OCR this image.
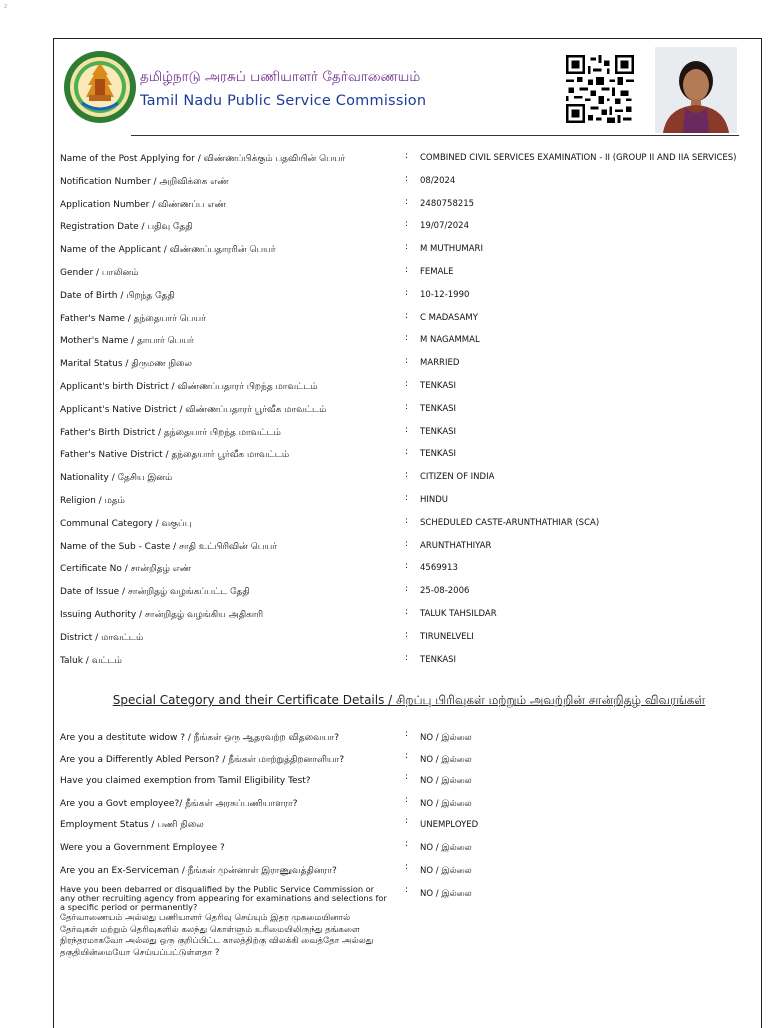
2
தமிழ்நாடு அரசுப் பணியாளர் தேர்வாணையம்
Tamil Nadu Public Service Commission
Name of the Post Applying for / விண்ணப்பிக்கும் பதவியின் பெயர்	: COMBINED CIVIL SERVICES EXAMINATION - II (GROUP II AND IIA SERVICES)
Notification Number / அறிவிக்கை எண்	: 08/2024
Application Number / விண்ணப்ப எண்	: 2480758215
Registration Date / பதிவு தேதி	: 19/07/2024
Name of the Applicant / விண்ணப்பதாரரின் பெயர்	: M MUTHUMARI
Gender / பாலினம்	: FEMALE
Date of Birth / பிறந்த தேதி	: 10-12-1990
Father's Name / தந்தையார் பெயர்	: C MADASAMY
Mother's Name / தாயார் பெயர்	: M NAGAMMAL
Marital Status / திருமண நிலை	: MARRIED
Applicant's birth District / விண்ணப்பதாரர் பிறந்த மாவட்டம்	: TENKASI
Applicant's Native District / விண்ணப்பதாரர் பூர்வீக மாவட்டம்	: TENKASI
Father's Birth District / தந்தையார் பிறந்த மாவட்டம்	: TENKASI
Father's Native District / தந்தையார் பூர்வீக மாவட்டம்	: TENKASI
Nationality / தேசிய இனம்	: CITIZEN OF INDIA
Religion / மதம்	: HINDU
Communal Category / வகுப்பு	: SCHEDULED CASTE-ARUNTHATHIAR (SCA)
Name of the Sub - Caste / சாதி உட்பிரிவின் பெயர்	: ARUNTHATHIYAR
Certificate No / சான்றிதழ் எண்	: 4569913
Date of Issue / சான்றிதழ் வழங்கப்பட்ட தேதி	: 25-08-2006
Issuing Authority / சான்றிதழ் வழங்கிய அதிகாரி	: TALUK TAHSILDAR
District / மாவட்டம்	: TIRUNELVELI
Taluk / வட்டம்	: TENKASI
Special Category and their Certificate Details / சிறப்பு பிரிவுகள் மற்றும் அவற்றின் சான்றிதழ் விவரங்கள்
Are you a destitute widow ? / நீங்கள் ஒரு ஆதரவற்ற விதவையா?	: NO / இல்லை
Are you a Differently Abled Person? / நீங்கள் மாற்றுத்திறனாளியா?	: NO / இல்லை
Have you claimed exemption from Tamil Eligibility Test?	: NO / இல்லை
Are you a Govt employee?/ நீங்கள் அரசுப்பணியாளரா?	: NO / இல்லை
Employment Status / பணி நிலை	: UNEMPLOYED
Were you a Government Employee ?	: NO / இல்லை
Are you an Ex-Serviceman / நீங்கள் முன்னாள் இராணுவத்தினரா?	: NO / இல்லை
Have you been debarred or disqualified by the Public Service Commission or any other recruiting agency from appearing for examinations and selections for a specific period or permanently?
தேர்வாணையம் அல்லது பணியாளர் தெரிவு செய்யும் இதர முகமையினால் தேர்வுகள் மற்றும் தெரிவுகளில் கலந்து கொள்ளும் உரிமையிலிருந்து தங்களை நிரந்தரமாகவோ அல்லது ஒரு குறிப்பிட்ட காலத்திற்கு விலக்கி வைத்தோ அல்லது தகுதியின்மையோ செய்யப்பட்டுள்ளதா ?
: NO / இல்லை
